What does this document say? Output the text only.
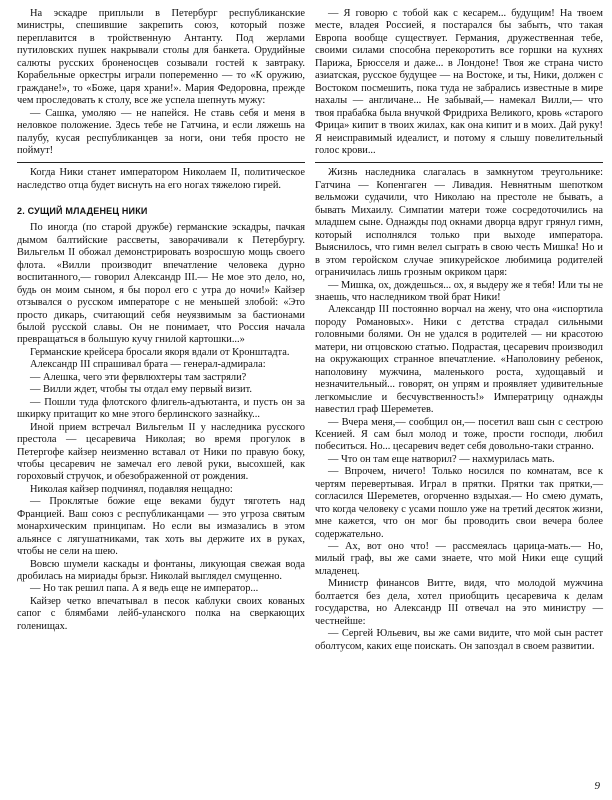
На эскадре приплыли в Петербург республиканские министры, спешившие закрепить союз, который позже переплавится в тройственную Антанту. Под жерлами путиловских пушек накрывали столы для банкета. Орудийные салюты русских броненосцев созывали гостей к завтраку. Корабельные оркестры играли попеременно — то «К оружию, граждане!», то «Боже, царя храни!». Мария Федоровна, прежде чем проследовать к столу, все же успела шепнуть мужу:

— Сашка, умоляю — не напейся. Не ставь себя и меня в неловкое положение. Здесь тебе не Гатчина, и если ляжешь на палубу, кусая республиканцев за ноги, они тебя просто не поймут!

Когда Ники станет императором Николаем II, политическое наследство отца будет виснуть на его ногах тяжелою гирей.

2. СУЩИЙ МЛАДЕНЕЦ НИКИ

По иногда (по старой дружбе) германские эскадры, пачкая дымом балтийские рассветы, заворачивали к Петербургу. Вильгельм II обожал демонстрировать возросшую мощь своего флота. «Вилли производит впечатление человека дурно воспитанного,— говорил Александр III.— Не мое это дело, но, будь он моим сыном, я бы порол его с утра до ночи!» Кайзер отзывался о русском императоре с не меньшей злобой: «Это просто дикарь, считающий себя неуязвимым за бастионами былой русской славы. Он не понимает, что Россия начала превращаться в большую кучу гнилой картошки...»

Германские крейсера бросали якоря вдали от Кронштадта.

Александр III спрашивал брата — генерал-адмирала:

— Алешка, чего эти фервлюхтеры там застряли?

— Вилли ждет, чтобы ты отдал ему первый визит.

— Пошли туда флотского флигель-адъютанта, и пусть он за шкирку притащит ко мне этого берлинского зазнайку...

Иной прием встречал Вильгельм II у наследника русского престола — цесаревича Николая; во время прогулок в Петергофе кайзер неизменно вставал от Ники по правую боку, чтобы цесаревич не замечал его левой руки, высохшей, как гороховый стручок, и обезображенной от рождения.

Николая кайзер подчинял, подавляя нещадно:

— Проклятые божие еще веками будут тяготеть над Францией. Ваш союз с республиканцами — это угроза святым монархическим принципам. Но если вы измазались в этом альянсе с лягушатниками, так хоть вы держите их в руках, чтобы не сели на шею.

Вовсю шумели каскады и фонтаны, ликующая свежая вода дробилась на мириады брызг. Николай выглядел смущенно.

— Но так решил папа. А я ведь еще не император...

Кайзер четко впечатывал в песок каблуки своих кованых сапог с блямбами лейб-уланского полка на сверкающих голенищах.

— Я говорю с тобой как с кесарем... будущим! На твоем месте, владея Россией, я постарался бы забыть, что такая Европа вообще существует. Германия, дружественная тебе, своими силами способна перекоротить все горшки на кухнях Парижа, Брюсселя и даже... в Лондоне! Твоя же страна чисто азиатская, русское будущее — на Востоке, и ты, Ники, должен с Востоком посмешить, пока туда не забрались известные в мире нахалы — англичане... Не забывай,— намекал Вилли,— что твоя прабабка была внучкой Фридриха Великого, кровь «старого Фрица» кипит в твоих жилах, как она кипит и в моих. Дай руку! Я неисправимый идеалист, и потому я слышу повелительный голос крови...

Жизнь наследника слагалась в замкнутом треугольнике: Гатчина — Копенгаген — Ливадия. Невнятным шепотком вельможи судачили, что Николаю на престоле не бывать, а бывать Михаилу. Симпатии матери тоже сосредоточились на младшем сыне. Однажды под окнами дворца вдруг грянул гимн, который исполнялся только при выходе императора. Выяснилось, что гимн велел сыграть в свою честь Мишка! Но и в этом геройском случае эпикурейское любимица родителей ограничилась лишь грозным окриком царя:

— Мишка, ох, дождешься... ох, я выдеру же я тебя! Или ты не знаешь, что наследником твой брат Ники!

Александр III постоянно ворчал на жену, что она «испортила породу Романовых». Ники с детства страдал сильными головными болями. Он не удался в родителей — ни красотою матери, ни отцовскою статью. Подрастая, цесаревич производил на окружающих странное впечатление. «Наполовину ребенок, наполовину мужчина, маленького роста, худощавый и незначительный... говорят, он упрям и проявляет удивительные легкомыслие и бесчувственность!» Императрицу однажды навестил граф Шереметев.

— Вчера меня,— сообщил он,— посетил ваш сын с сестрою Ксенией. Я сам был молод и тоже, прости господи, любил побеситься. Но... цесаревич ведет себя довольно-таки странно.

— Что он там еще натворил? — нахмурилась мать.

— Впрочем, ничего! Только носился по комнатам, все к чертям перевертывая. Играл в прятки. Прятки так прятки,— согласился Шереметев, огорченно вздыхая.— Но смею думать, что когда человеку с усами пошло уже на третий десяток жизни, мне кажется, что он мог бы проводить свои вечера более содержательно.

— Ах, вот оно что! — рассмеялась царица-мать.— Но, милый граф, вы же сами знаете, что мой Ники еще сущий младенец.

Министр финансов Витте, видя, что молодой мужчина болтается без дела, хотел приобщить цесаревича к делам государства, но Александр III отвечал на это министру — честнейше:

— Сергей Юльевич, вы же сами видите, что мой сын растет оболтусом, каких еще поискать. Он запоздал в своем развитии.

9
